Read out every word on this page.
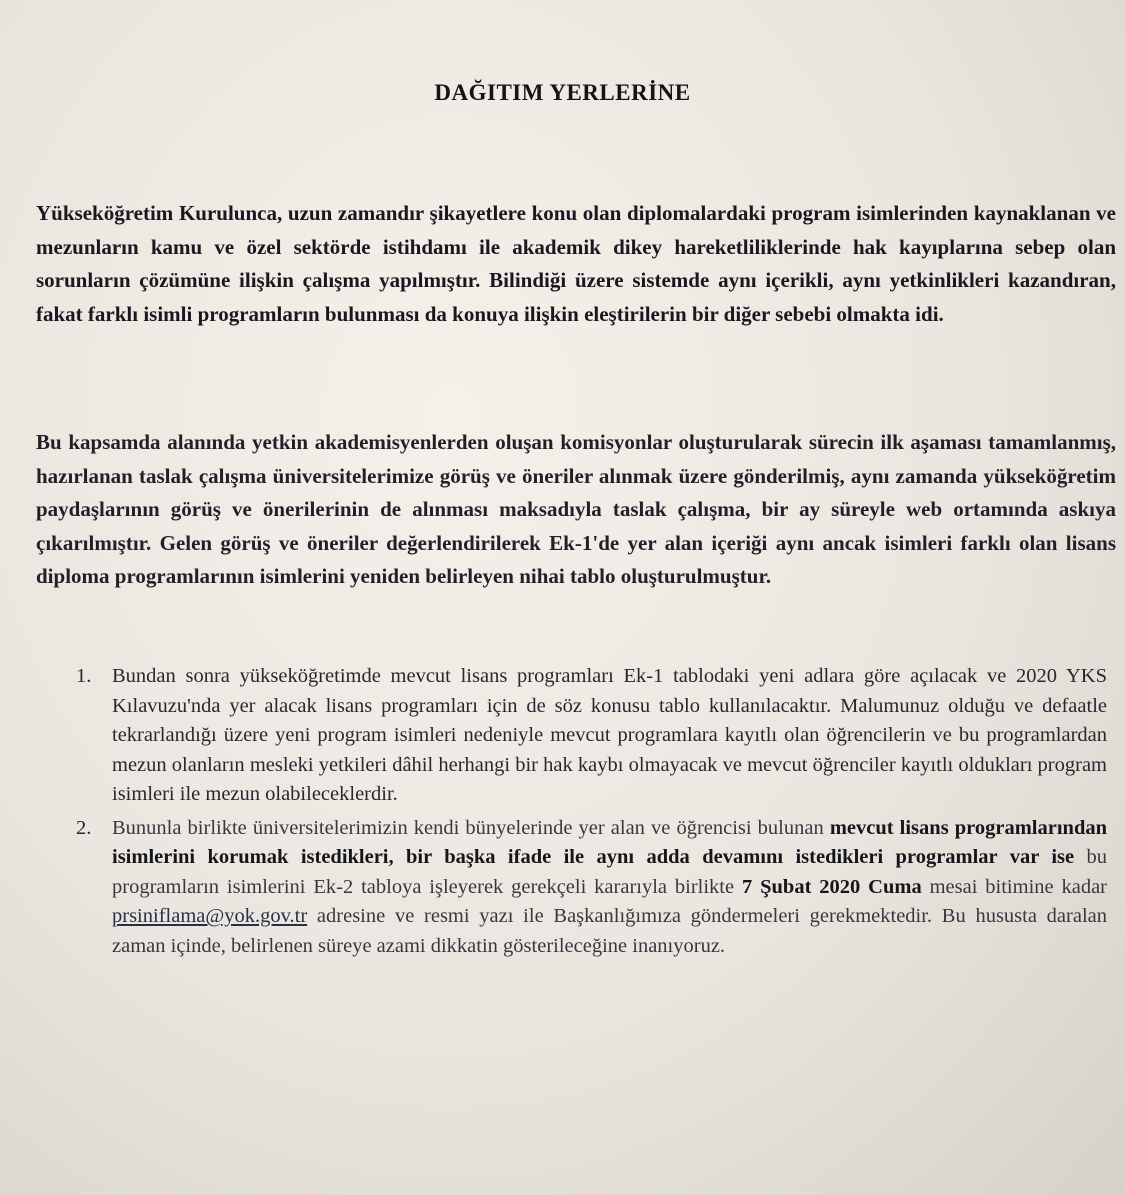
DAĞITIM YERLERİNE

Yükseköğretim Kurulunca, uzun zamandır şikayetlere konu olan diplomalardaki program isimlerinden kaynaklanan ve mezunların kamu ve özel sektörde istihdamı ile akademik dikey hareketliliklerinde hak kayıplarına sebep olan sorunların çözümüne ilişkin çalışma yapılmıştır. Bilindiği üzere sistemde aynı içerikli, aynı yetkinlikleri kazandıran, fakat farklı isimli programların bulunması da konuya ilişkin eleştirilerin bir diğer sebebi olmakta idi.

Bu kapsamda alanında yetkin akademisyenlerden oluşan komisyonlar oluşturularak sürecin ilk aşaması tamamlanmış, hazırlanan taslak çalışma üniversitelerimize görüş ve öneriler alınmak üzere gönderilmiş, aynı zamanda yükseköğretim paydaşlarının görüş ve önerilerinin de alınması maksadıyla taslak çalışma, bir ay süreyle web ortamında askıya çıkarılmıştır. Gelen görüş ve öneriler değerlendirilerek Ek-1'de yer alan içeriği aynı ancak isimleri farklı olan lisans diploma programlarının isimlerini yeniden belirleyen nihai tablo oluşturulmuştur.

1. Bundan sonra yükseköğretimde mevcut lisans programları Ek-1 tablodaki yeni adlara göre açılacak ve 2020 YKS Kılavuzu'nda yer alacak lisans programları için de söz konusu tablo kullanılacaktır. Malumunuz olduğu ve defaatle tekrarlandığı üzere yeni program isimleri nedeniyle mevcut programlara kayıtlı olan öğrencilerin ve bu programlardan mezun olanların mesleki yetkileri dâhil herhangi bir hak kaybı olmayacak ve mevcut öğrenciler kayıtlı oldukları program isimleri ile mezun olabileceklerdir.
2. Bununla birlikte üniversitelerimizin kendi bünyelerinde yer alan ve öğrencisi bulunan mevcut lisans programlarından isimlerini korumak istedikleri, bir başka ifade ile aynı adda devamını istedikleri programlar var ise bu programların isimlerini Ek-2 tabloya işleyerek gerekçeli kararıyla birlikte 7 Şubat 2020 Cuma mesai bitimine kadar prsiniflama@yok.gov.tr adresine ve resmi yazı ile Başkanlığımıza göndermeleri gerekmektedir. Bu hususta daralan zaman içinde, belirlenen süreye azami dikkatin gösterileceğine inanıyoruz.
